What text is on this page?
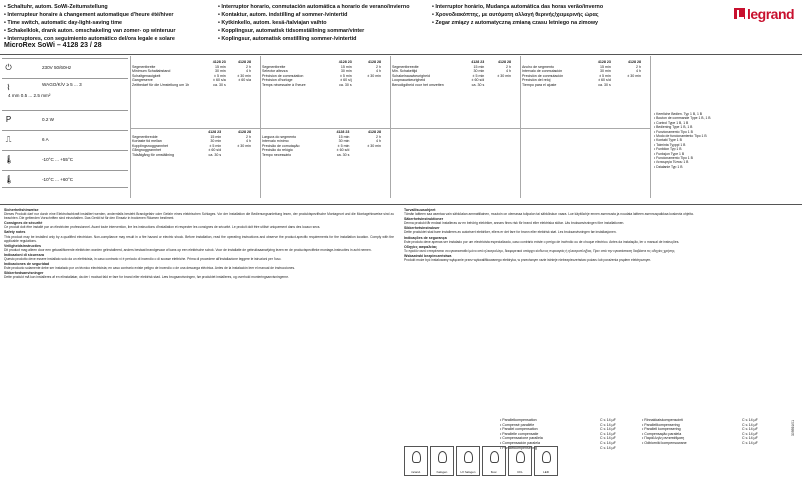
• Schaltuhr, autom. SoWi-Zeitumstellung
• Interrupteur horaire à changement automatique d'heure été/hiver
• Time switch, automatic day-light-saving time
• Schakelklok, drank auton. omschakeling van zomer- op winteruur
• Interruptores, con seguimiento automático del/ora legale e solare
• Interruptor horario, conmutación automática a horario de verano/invierno
• Kontaktur, autom. indstilling af sommer-/vintertid
• Kytkinkello, autom. kesä-/talviajan vaihto
• Kopplingsur, automatisk tidsomställning sommar/vinter
• Koplingsur, automatisk omstillling sommer-/vintertid
• Interruptor horário, Mudança automática das horas verão/inverno
• Χρονοδιακόπτης, με αυτόματη αλλαγή θερινής/χειμερινής ώρας
• Zegar zmiązy z automatyczną zmianą czasu letniego na zimowy
MicroRex SoWi – 4128 23 / 28
legrand
⏻	230V 50/60Hz
⌇	WAGO/K/V ≥ 5 ... 3
4 mm 0.5 ... 2.5 mm²
P	0.2 W
⎍	6 A
🌡	-10°C ... +55°C
🌡	-10°C ... +60°C
	4128 23	4128 28
Segmentbreite	15 min	2 h
Minimum Schaltabstand	30 min	4 h
Schaltgenauigkeit	± 5 min	± 30 min
Gangreserve	± 60 s/a	± 60 s/a
Zeitbedarf für die Umstellung um 1h	ca. 30 s	
	4128 23	4128 28
Segmentbreite	15 min	2 h
Selector altezza	30 min	4 h
Précision de commutation	± 5 min	± 30 min
Précision d'horloge	± 60 s/j	
Temps nécessaire à l'heure	ca. 30 s	
	4128 23	4128 28
Segmentbreedte	15 min	2 h
Min. Schakeltijd	30 min	4 h
Schakelnauwkeurigheid	± 5 min	± 30 min
Loopnauwkeurigheid	± 60 s/d	
Benodigdheid voor het omzetten	ca. 30 s	
	4128 23	4128 28
Ancho de segmento	15 min	2 h
Intervalo de conmutación	30 min	4 h
Precisión de conmutación	± 5 min	± 30 min
Precisión del reloj	± 60 s/d	
Tiempo para el ajuste	ca. 30 s	
	4128 23	4128 28
Segmentbredde	15 min	2 h
Kortaste tid mellan	30 min	4 h
Kopplingsnoggrannhet	± 5 min	± 30 min
Gångnoggrannhet	± 60 s/d	
Tidsåtgång för omställning	ca. 30 s	
	4128 23	4128 28
Largura do segmento	15 min	2 h
Intervalo mínimo	30 min	4 h
Precisão de comutação	± 5 min	± 30 min
Precisão do relógio	± 60 s/d	
Tempo necessário	ca. 30 s	
• Keerliche Bedien. Typ 1 B, 1 B
• Bouton de commande Type 1 B, 1 B
• Control Type 1 B, 1 B
• Bediening Type 1 B, 1 B
• Funzionamento Tipo 1 B
• Modo de funcionamiento Tipo 1 B
• Kontakt Type 1 B
• Toiminta Tyyppi 1 B
• Funktion Typ 1 B
• Funksjon Type 1 B
• Funcionamento Tipo 1 B
• Λειτουργία Τύπου 1 B
• Działanie Typ 1 B
Sicherheitshinweise

Dieses Produkt darf nur durch eine Elektrofachkraft installiert werden, andernfalls besteht Brandgefahr oder Gefahr eines elektrischen Schlages. Vor der Installation die Bedienungsanleitung lesen, der produktspezifische Montageort und die Montagehinweise sind zu beachten. Die geltenden Vorschriften sind einzuhalten. Das Gerät ist für den Einsatz in trockenen Räumen bestimmt.

Consignes de sécurité

Ce produit doit être installé par un électricien professionnel. Avant toute intervention, lire les instructions d'installation et respecter les consignes de sécurité. Le produit doit être utilisé uniquement dans des locaux secs.

Safety notes

This product may be installed only by a qualified electrician. Non-compliance may result in a fire hazard or electric shock. Before installation, read the operating instructions and observe the product-specific requirements for the installation location. Comply with the applicable regulations.

Veiligheidsinstructies

Dit product mag alleen door een gekwalificeerde elektricien worden geïnstalleerd, anders bestaat brandgevaar of kans op een elektrische schok. Voor de installatie de gebruiksaanwijzing lezen en de productspecifieke montage-instructies in acht nemen.

Indicazioni di sicurezza

Questo prodotto deve essere installato solo da un elettricista, in caso contrario vi è pericolo di incendio o di scosse elettriche. Prima di procedere all'installazione leggere le istruzioni per l'uso.

Indicaciones de seguridad

Este producto solamente debe ser instalado por un técnico electricista; en caso contrario existe peligro de incendio o de una descarga eléctrica. Antes de la instalación leer el manual de instrucciones.

Sikkerhedsanvisninger

Dette produkt må kun installeres af en elinstallatør, da der i modsat fald er fare for brand eller elektrisk stød. Læs brugsanvisningen, før produktet installeres, og overhold monteringsanvisningerne.

Turvallisuusohjeet

Tämän laitteen saa asentaa vain sähköalan ammattilainen, muutoin on olemassa tulipalon tai sähköiskun vaara. Lue käyttöohje ennen asennusta ja noudata laitteen asennuspaikkaa koskevia ohjeita.

Säkerhetsinstruktioner

Denna produkt får endast installeras av en behörig elektriker, annars finns risk för brand eller elektriska stötar. Läs bruksanvisningen före installationen.

Sikkerhetsinstrukser

Dette produktet skal bare installeres av autorisert elektriker, ellers er det fare for brann eller elektrisk støt. Les bruksanvisningen før installasjonen.

Indicações de segurança

Este produto deve apenas ser instalado por um electricista especializado, caso contrário existe o perigo de incêndio ou de choque eléctrico. Antes da instalação, ler o manual de instruções.

Οδηγίες ασφαλείας

Το προϊόν αυτό επιτρέπεται να εγκατασταθεί μόνο από ηλεκτρολόγο, διαφορετικά υπάρχει κίνδυνος πυρκαγιάς ή ηλεκτροπληξίας. Πριν από την εγκατάσταση διαβάστε τις οδηγίες χρήσης.

Wskazówki bezpieczeństwa

Produkt może być instalowany wyłącznie przez wykwalifikowanego elektryka, w przeciwnym razie istnieje niebezpieczeństwo pożaru lub porażenia prądem elektrycznym.

• Parallelkompensation	C ≤ 14 µF	• Rinnakkaiskompensointi	C ≤ 14 µF
• Compensé parallèle	C ≤ 14 µF	• Parallellkompensering	C ≤ 14 µF
• Parallel compensation	C ≤ 14 µF	• Parallell kompensering	C ≤ 14 µF
• Parallelle compensatie	C ≤ 14 µF	• Compensação paralela	C ≤ 14 µF
• Compensazione parallela	C ≤ 14 µF	• Παράλληλη αντιστάθμιση	C ≤ 14 µF
• Compensación paralela	C ≤ 14 µF	• Odbiorniki kompensowane	C ≤ 14 µF
• Parallelkompensering	C ≤ 14 µF
incand.	halogen	LV halogen	fluor.	CFL	LED
309591/01
